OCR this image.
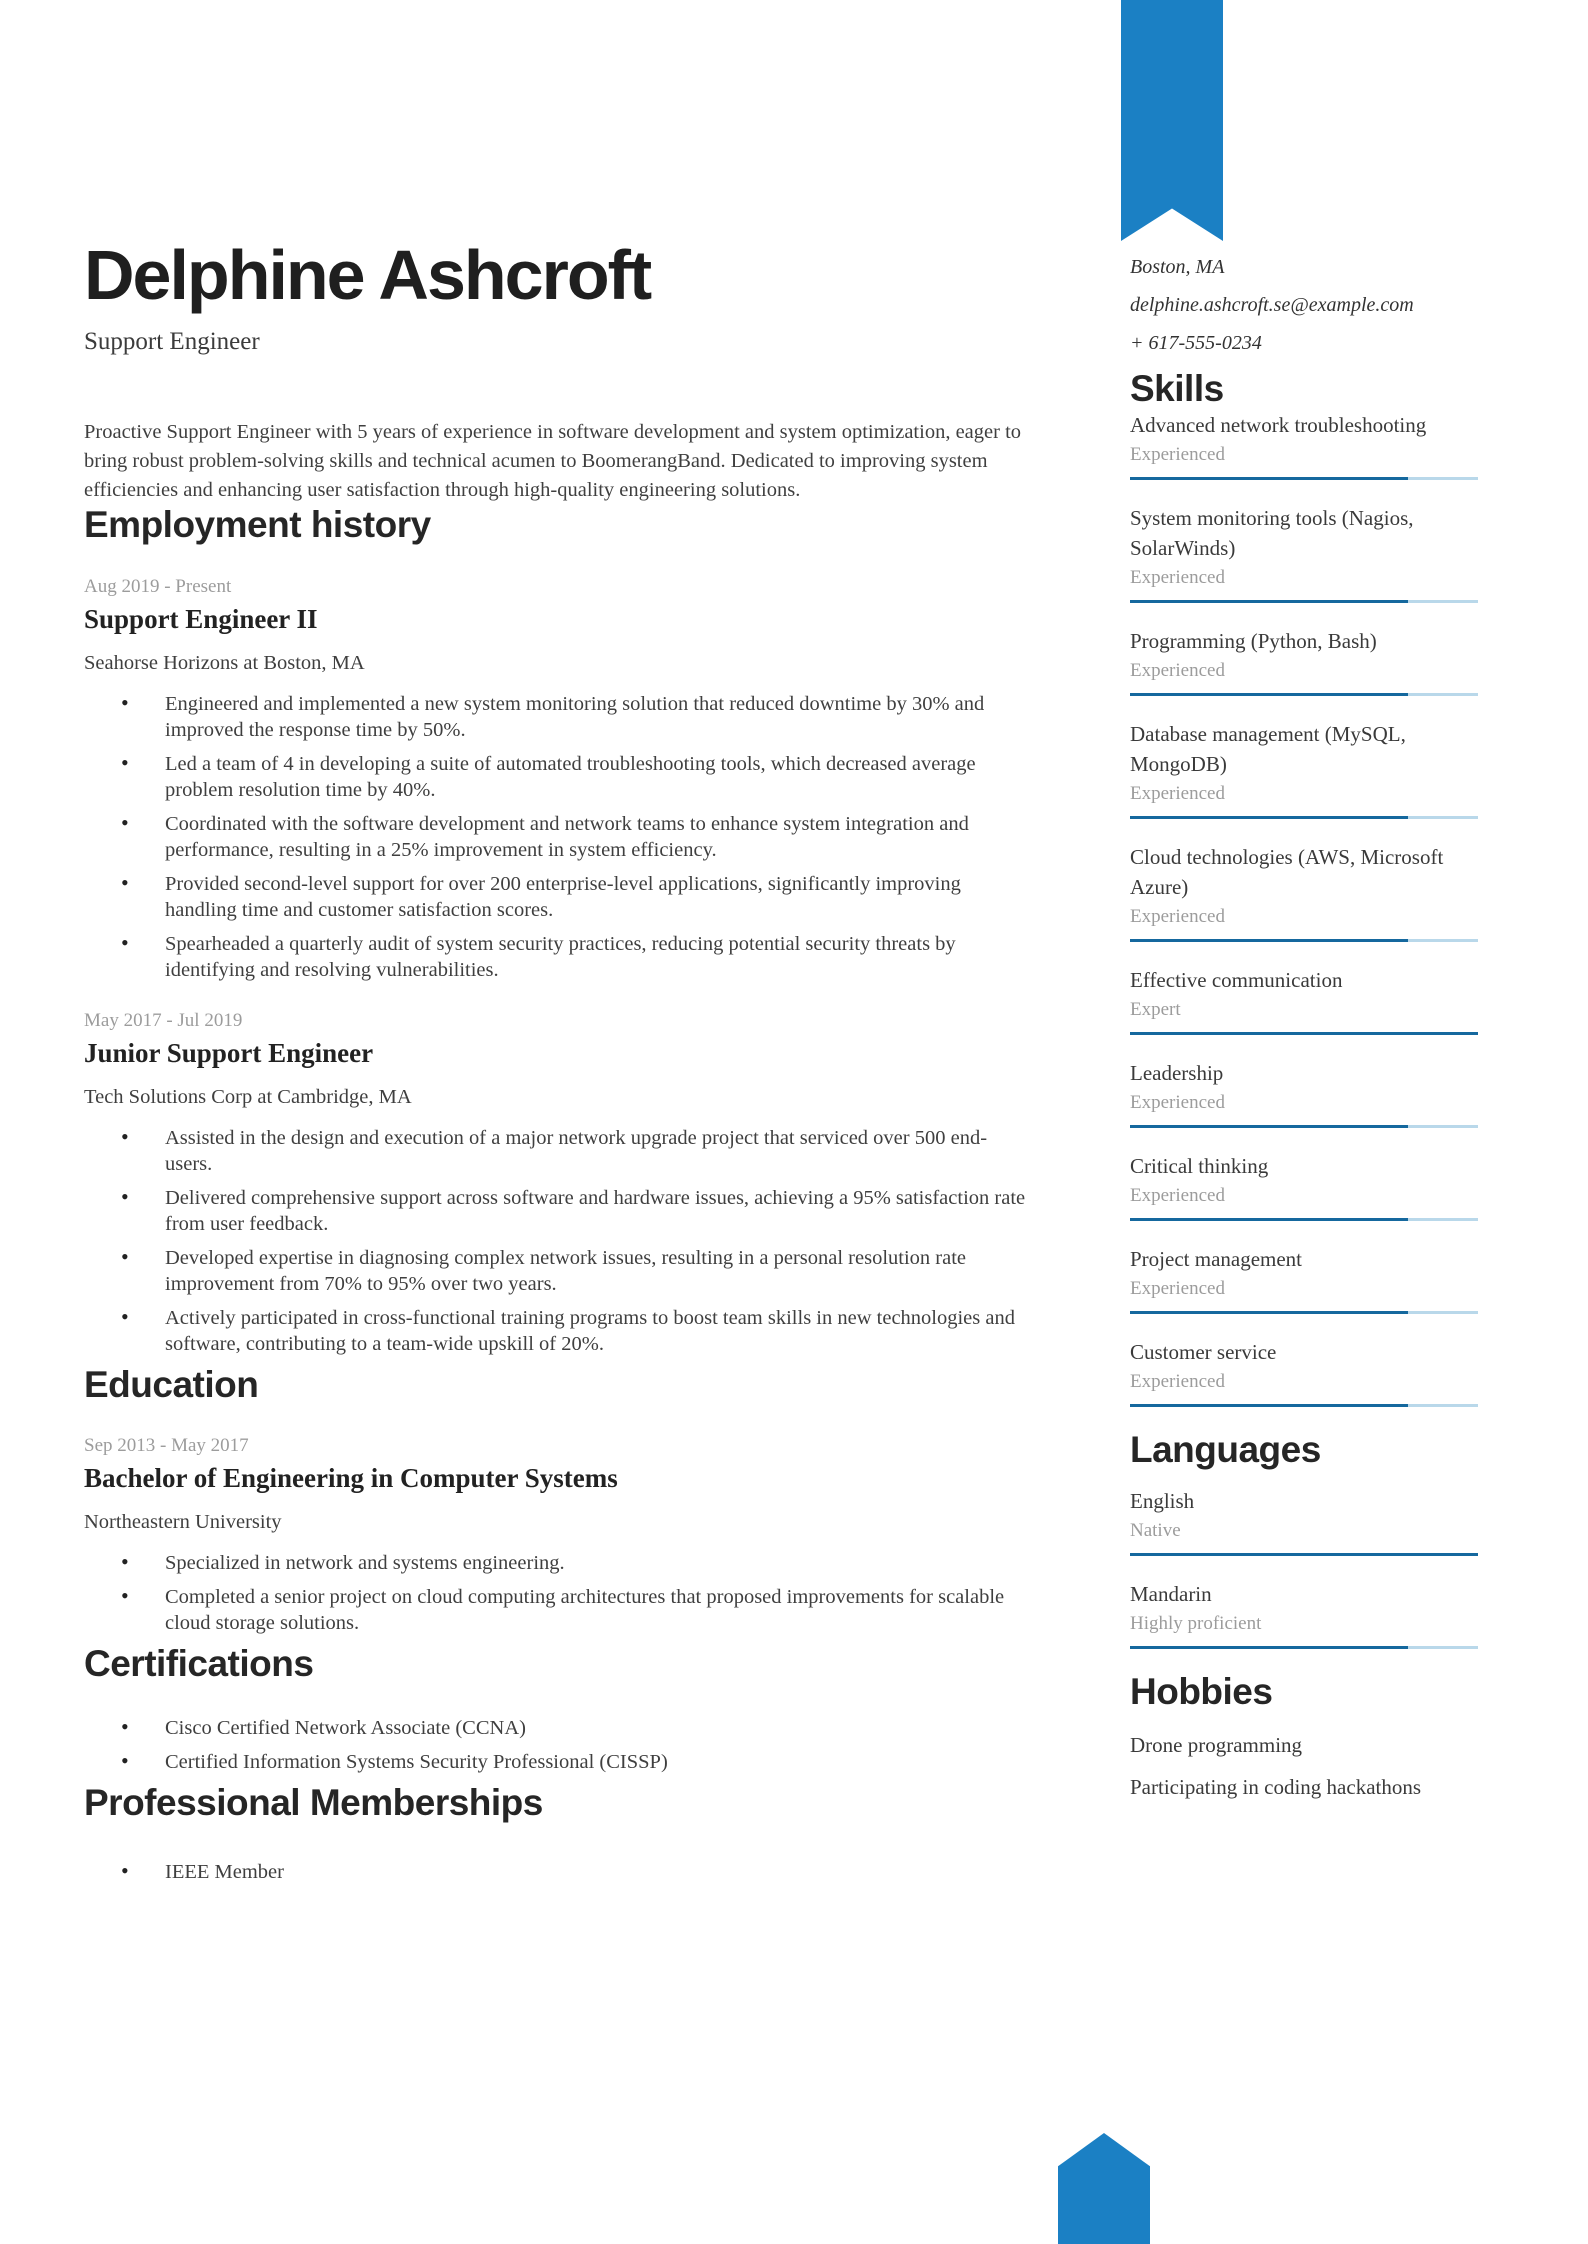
Delphine Ashcroft
Support Engineer

Proactive Support Engineer with 5 years of experience in software development and system optimization, eager to bring robust problem-solving skills and technical acumen to BoomerangBand. Dedicated to improving system efficiencies and enhancing user satisfaction through high-quality engineering solutions.

Employment history
Aug 2019 - Present
Support Engineer II
Seahorse Horizons at Boston, MA
• Engineered and implemented a new system monitoring solution that reduced downtime by 30% and improved the response time by 50%.
• Led a team of 4 in developing a suite of automated troubleshooting tools, which decreased average problem resolution time by 40%.
• Coordinated with the software development and network teams to enhance system integration and performance, resulting in a 25% improvement in system efficiency.
• Provided second-level support for over 200 enterprise-level applications, significantly improving handling time and customer satisfaction scores.
• Spearheaded a quarterly audit of system security practices, reducing potential security threats by identifying and resolving vulnerabilities.
May 2017 - Jul 2019
Junior Support Engineer
Tech Solutions Corp at Cambridge, MA
• Assisted in the design and execution of a major network upgrade project that serviced over 500 end-users.
• Delivered comprehensive support across software and hardware issues, achieving a 95% satisfaction rate from user feedback.
• Developed expertise in diagnosing complex network issues, resulting in a personal resolution rate improvement from 70% to 95% over two years.
• Actively participated in cross-functional training programs to boost team skills in new technologies and software, contributing to a team-wide upskill of 20%.
Education
Sep 2013 - May 2017
Bachelor of Engineering in Computer Systems
Northeastern University
• Specialized in network and systems engineering.
• Completed a senior project on cloud computing architectures that proposed improvements for scalable cloud storage solutions.
Certifications
• Cisco Certified Network Associate (CCNA)
• Certified Information Systems Security Professional (CISSP)
Professional Memberships
• IEEE Member
Boston, MA
delphine.ashcroft.se@example.com
+ 617-555-0234
Skills
Advanced network troubleshooting
Experienced
System monitoring tools (Nagios, SolarWinds)
Experienced
Programming (Python, Bash)
Experienced
Database management (MySQL, MongoDB)
Experienced
Cloud technologies (AWS, Microsoft Azure)
Experienced
Effective communication
Expert
Leadership
Experienced
Critical thinking
Experienced
Project management
Experienced
Customer service
Experienced
Languages
English
Native
Mandarin
Highly proficient
Hobbies
Drone programming
Participating in coding hackathons
